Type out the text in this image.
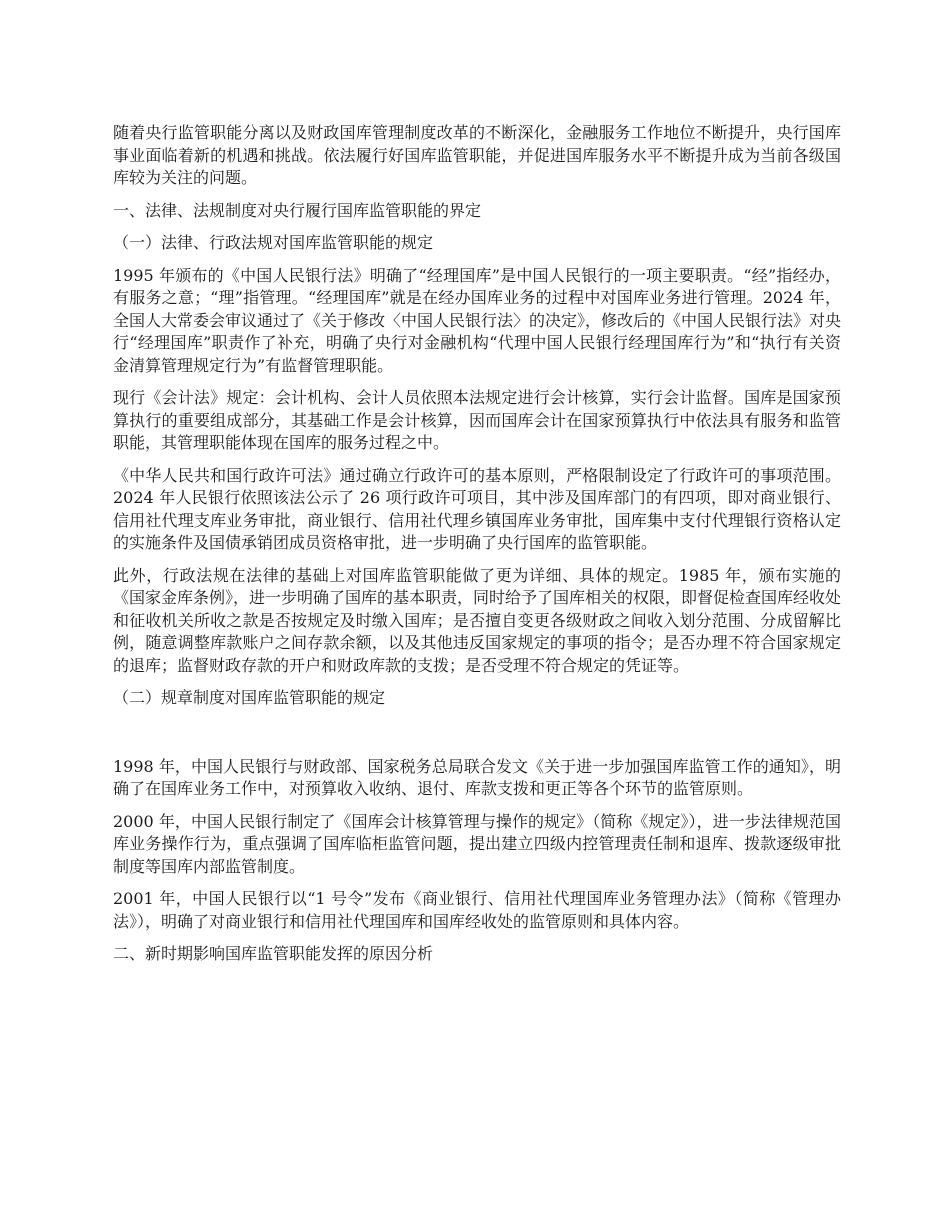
随着央行监管职能分离以及财政国库管理制度改革的不断深化，金融服务工作地位不断提升，央行国库事业面临着新的机遇和挑战。依法履行好国库监管职能，并促进国库服务水平不断提升成为当前各级国库较为关注的问题。

一、法律、法规制度对央行履行国库监管职能的界定

（一）法律、行政法规对国库监管职能的规定

1995 年颁布的《中国人民银行法》明确了“经理国库”是中国人民银行的一项主要职责。“经”指经办，有服务之意；“理”指管理。“经理国库”就是在经办国库业务的过程中对国库业务进行管理。2024 年，全国人大常委会审议通过了《关于修改〈中国人民银行法〉的决定》，修改后的《中国人民银行法》对央行“经理国库”职责作了补充，明确了央行对金融机构“代理中国人民银行经理国库行为”和“执行有关资金清算管理规定行为”有监督管理职能。

现行《会计法》规定：会计机构、会计人员依照本法规定进行会计核算，实行会计监督。国库是国家预算执行的重要组成部分，其基础工作是会计核算，因而国库会计在国家预算执行中依法具有服务和监管职能，其管理职能体现在国库的服务过程之中。

《中华人民共和国行政许可法》通过确立行政许可的基本原则，严格限制设定了行政许可的事项范围。2024 年人民银行依照该法公示了 26 项行政许可项目，其中涉及国库部门的有四项，即对商业银行、信用社代理支库业务审批，商业银行、信用社代理乡镇国库业务审批，国库集中支付代理银行资格认定的实施条件及国债承销团成员资格审批，进一步明确了央行国库的监管职能。

此外，行政法规在法律的基础上对国库监管职能做了更为详细、具体的规定。1985 年，颁布实施的《国家金库条例》，进一步明确了国库的基本职责，同时给予了国库相关的权限，即督促检查国库经收处和征收机关所收之款是否按规定及时缴入国库；是否擅自变更各级财政之间收入划分范围、分成留解比例，随意调整库款账户之间存款余额，以及其他违反国家规定的事项的指令；是否办理不符合国家规定的退库；监督财政存款的开户和财政库款的支拨；是否受理不符合规定的凭证等。

（二）规章制度对国库监管职能的规定

1998 年，中国人民银行与财政部、国家税务总局联合发文《关于进一步加强国库监管工作的通知》，明确了在国库业务工作中，对预算收入收纳、退付、库款支拨和更正等各个环节的监管原则。

2000 年，中国人民银行制定了《国库会计核算管理与操作的规定》（简称《规定》），进一步法律规范国库业务操作行为，重点强调了国库临柜监管问题，提出建立四级内控管理责任制和退库、拨款逐级审批制度等国库内部监管制度。

2001 年，中国人民银行以“1 号令”发布《商业银行、信用社代理国库业务管理办法》（简称《管理办法》），明确了对商业银行和信用社代理国库和国库经收处的监管原则和具体内容。

二、新时期影响国库监管职能发挥的原因分析
